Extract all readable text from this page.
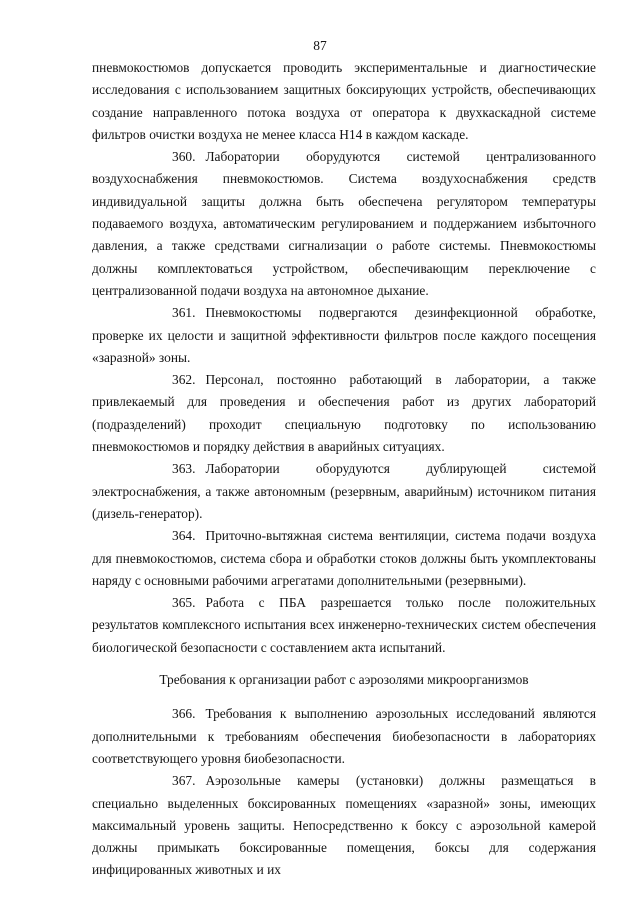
87

пневмокостюмов допускается проводить экспериментальные и диагностические исследования с использованием защитных боксирующих устройств, обеспечивающих создание направленного потока воздуха от оператора к двухкаскадной системе фильтров очистки воздуха не менее класса Н14 в каждом каскаде.

360. Лаборатории оборудуются системой централизованного воздухоснабжения пневмокостюмов. Система воздухоснабжения средств индивидуальной защиты должна быть обеспечена регулятором температуры подаваемого воздуха, автоматическим регулированием и поддержанием избыточного давления, а также средствами сигнализации о работе системы. Пневмокостюмы должны комплектоваться устройством, обеспечивающим переключение с централизованной подачи воздуха на автономное дыхание.

361. Пневмокостюмы подвергаются дезинфекционной обработке, проверке их целости и защитной эффективности фильтров после каждого посещения «заразной» зоны.

362. Персонал, постоянно работающий в лаборатории, а также привлекаемый для проведения и обеспечения работ из других лабораторий (подразделений) проходит специальную подготовку по использованию пневмокостюмов и порядку действия в аварийных ситуациях.

363. Лаборатории оборудуются дублирующей системой электроснабжения, а также автономным (резервным, аварийным) источником питания (дизель-генератор).

364. Приточно-вытяжная система вентиляции, система подачи воздуха для пневмокостюмов, система сбора и обработки стоков должны быть укомплектованы наряду с основными рабочими агрегатами дополнительными (резервными).

365. Работа с ПБА разрешается только после положительных результатов комплексного испытания всех инженерно-технических систем обеспечения биологической безопасности с составлением акта испытаний.

Требования к организации работ с аэрозолями микроорганизмов

366. Требования к выполнению аэрозольных исследований являются дополнительными к требованиям обеспечения биобезопасности в лабораториях соответствующего уровня биобезопасности.

367. Аэрозольные камеры (установки) должны размещаться в специально выделенных боксированных помещениях «заразной» зоны, имеющих максимальный уровень защиты. Непосредственно к боксу с аэрозольной камерой должны примыкать боксированные помещения, боксы для содержания инфицированных животных и их
